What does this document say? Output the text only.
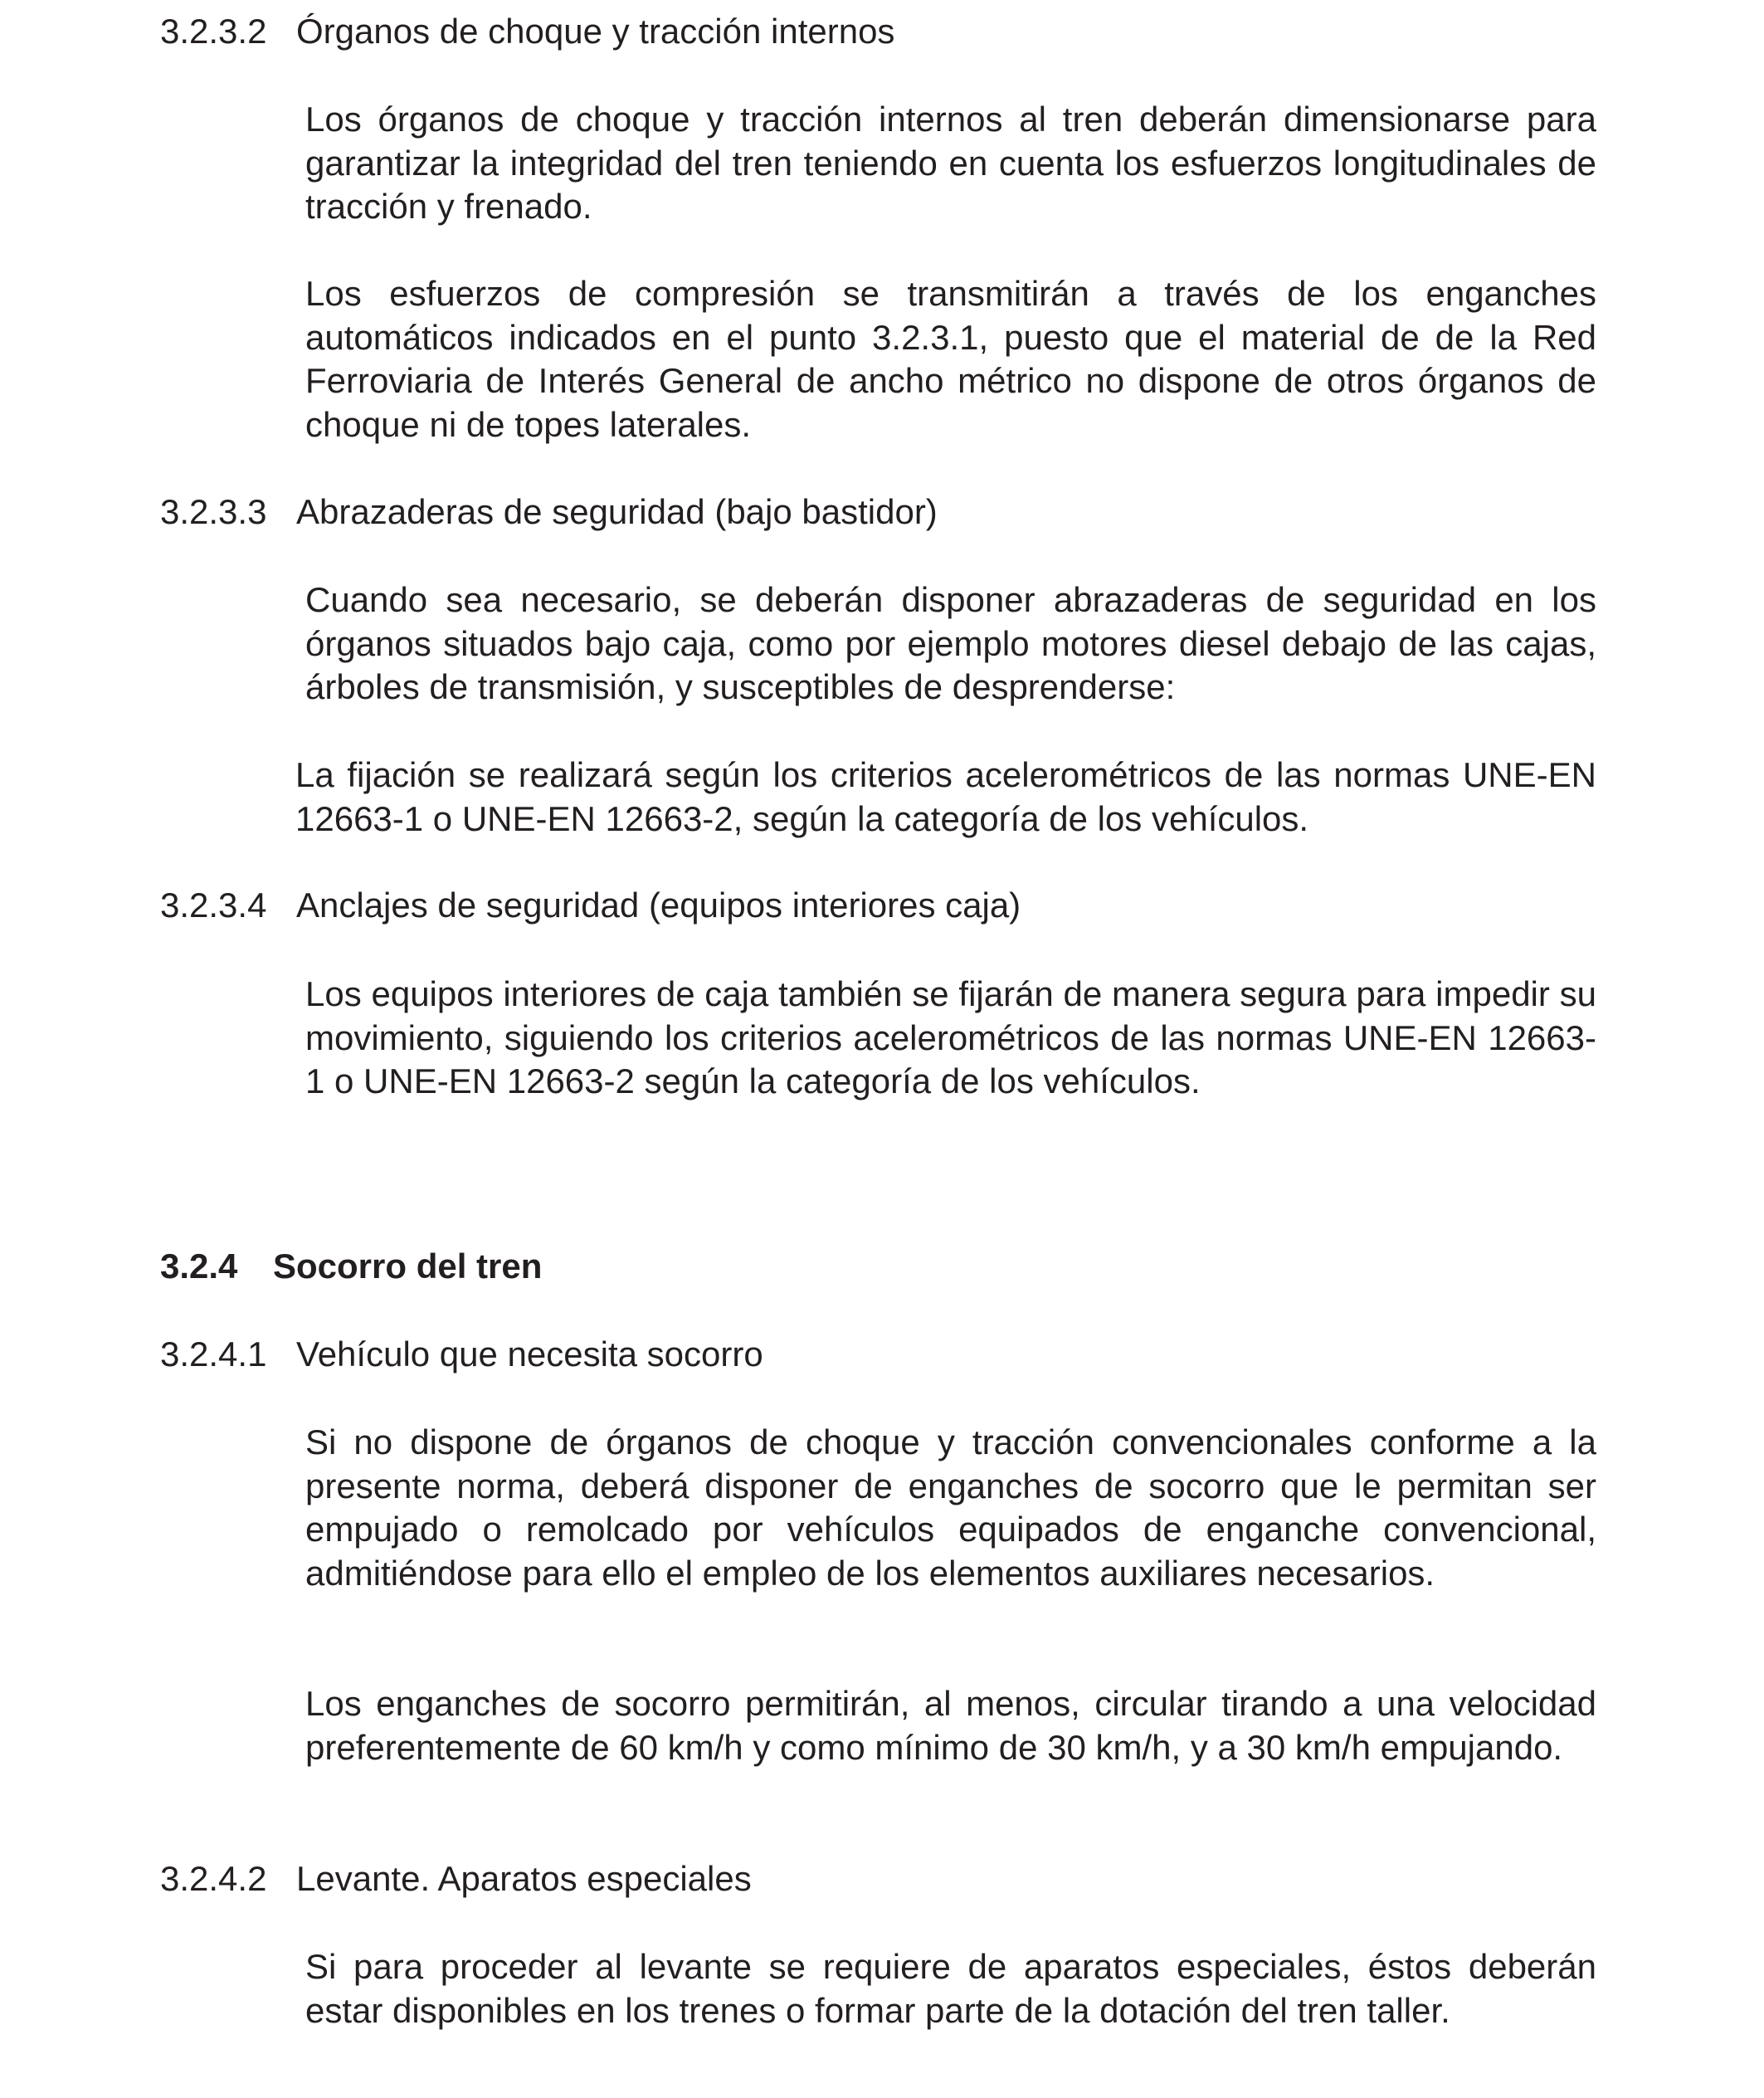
3.2.3.2 Órganos de choque y tracción internos

Los órganos de choque y tracción internos al tren deberán dimensionarse para garantizar la integridad del tren teniendo en cuenta los esfuerzos longitudinales de tracción y frenado.

Los esfuerzos de compresión se transmitirán a través de los enganches automáticos indicados en el punto 3.2.3.1, puesto que el material de de la Red Ferroviaria de Interés General de ancho métrico no dispone de otros órganos de choque ni de topes laterales.

3.2.3.3 Abrazaderas de seguridad (bajo bastidor)

Cuando sea necesario, se deberán disponer abrazaderas de seguridad en los órganos situados bajo caja, como por ejemplo motores diesel debajo de las cajas, árboles de transmisión, y susceptibles de desprenderse:

La fijación se realizará según los criterios acelerométricos de las normas UNE-EN 12663-1 o UNE-EN 12663-2, según la categoría de los vehículos.

3.2.3.4 Anclajes de seguridad (equipos interiores caja)

Los equipos interiores de caja también se fijarán de manera segura para impedir su movimiento, siguiendo los criterios acelerométricos de las normas UNE-EN 12663-1 o UNE-EN 12663-2 según la categoría de los vehículos.

3.2.4 Socorro del tren
3.2.4.1 Vehículo que necesita socorro

Si no dispone de órganos de choque y tracción convencionales conforme a la presente norma, deberá disponer de enganches de socorro que le permitan ser empujado o remolcado por vehículos equipados de enganche convencional, admitiéndose para ello el empleo de los elementos auxiliares necesarios.

Los enganches de socorro permitirán, al menos, circular tirando a una velocidad preferentemente de 60 km/h y como mínimo de 30 km/h, y a 30 km/h empujando.

3.2.4.2 Levante. Aparatos especiales

Si para proceder al levante se requiere de aparatos especiales, éstos deberán estar disponibles en los trenes o formar parte de la dotación del tren taller.
